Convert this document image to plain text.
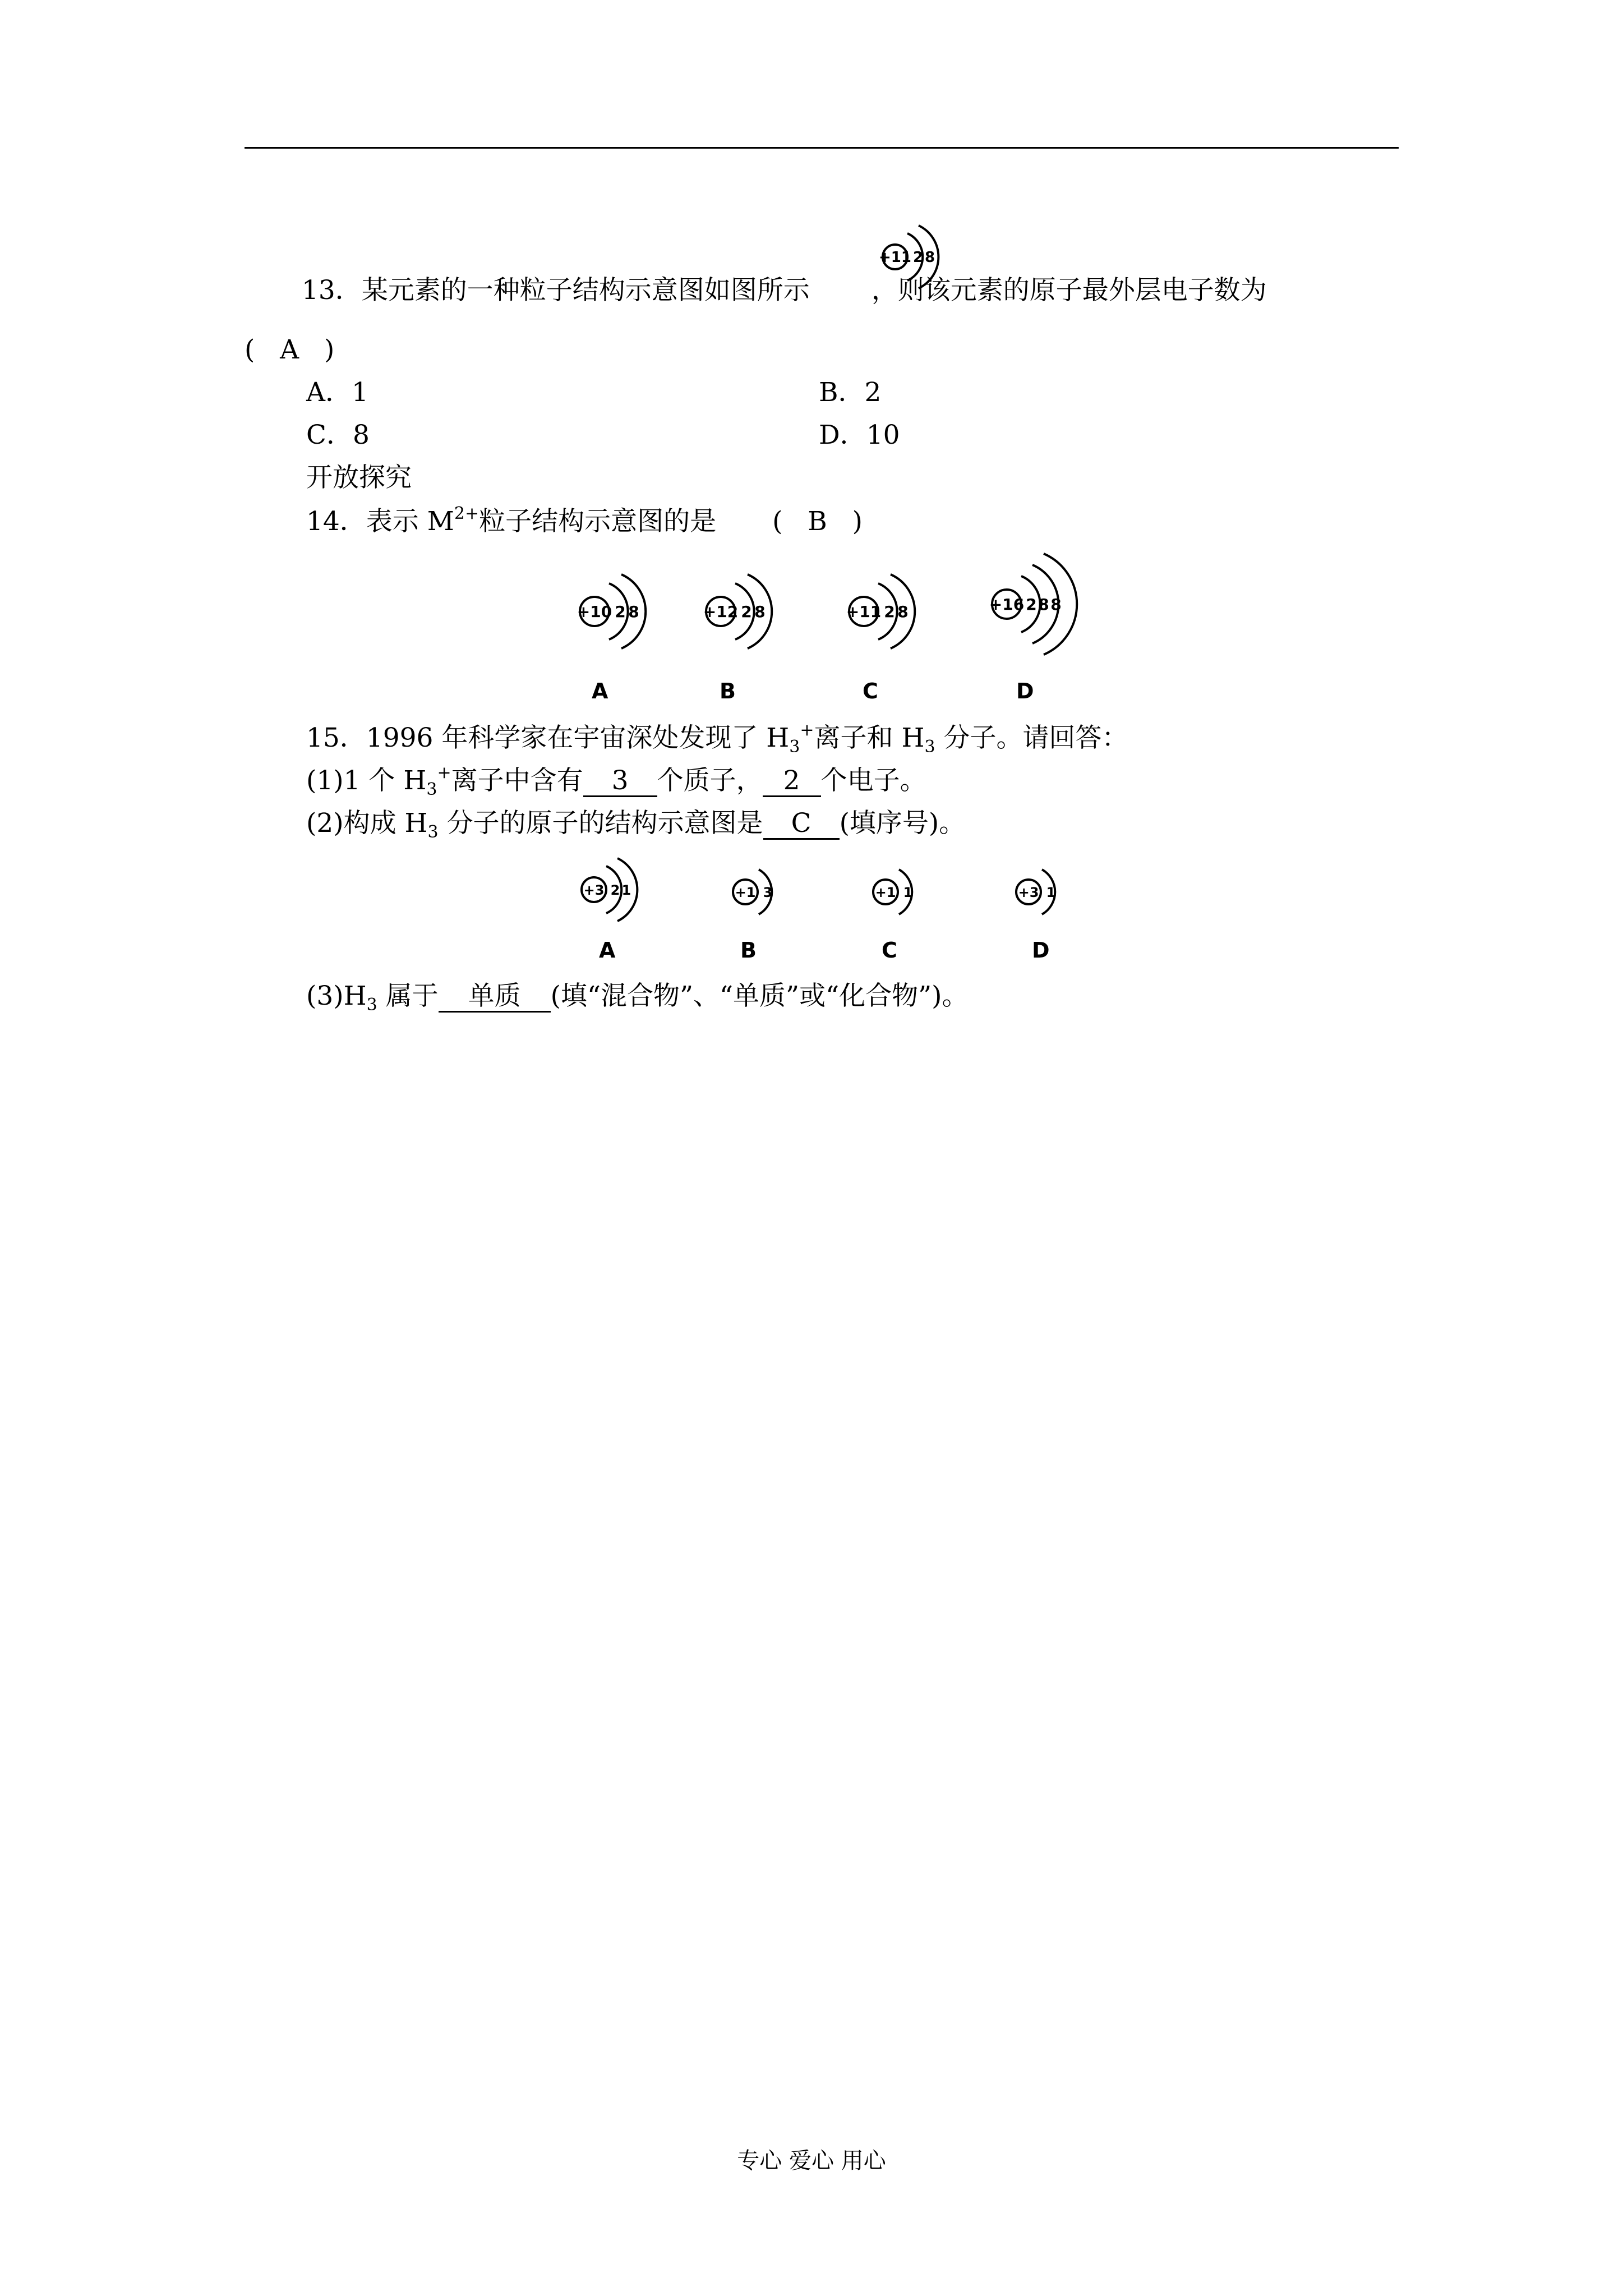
13．某元素的一种粒子结构示意图如图所示 ，则该元素的原子最外层电子数为
+11 2 8
( A )
A．1	B．2
C．8	D．10
开放探究
14．表示 $M^{2+}$粒子结构示意图的是 ( B )
+10 2 8
A
+12 2 8
B
+11 2 8
C
+16 2 8 8
D
15．1996 年科学家在宇宙深处发现了 $H_3^+$离子和 $H_3$ 分子。请回答：
(1)1 个 $H_3^+$离子中含有 3 个质子， 2 个电子。
(2)构成 $H_3$ 分子的原子的结构示意图是 C (填序号)。
+3 2 1
A
+1 3
B
+1 1
C
+3 1
D
$(3)H_3$ 属于 单质 (填“混合物”、“单质”或“化合物”)。
专心 爱心 用心
